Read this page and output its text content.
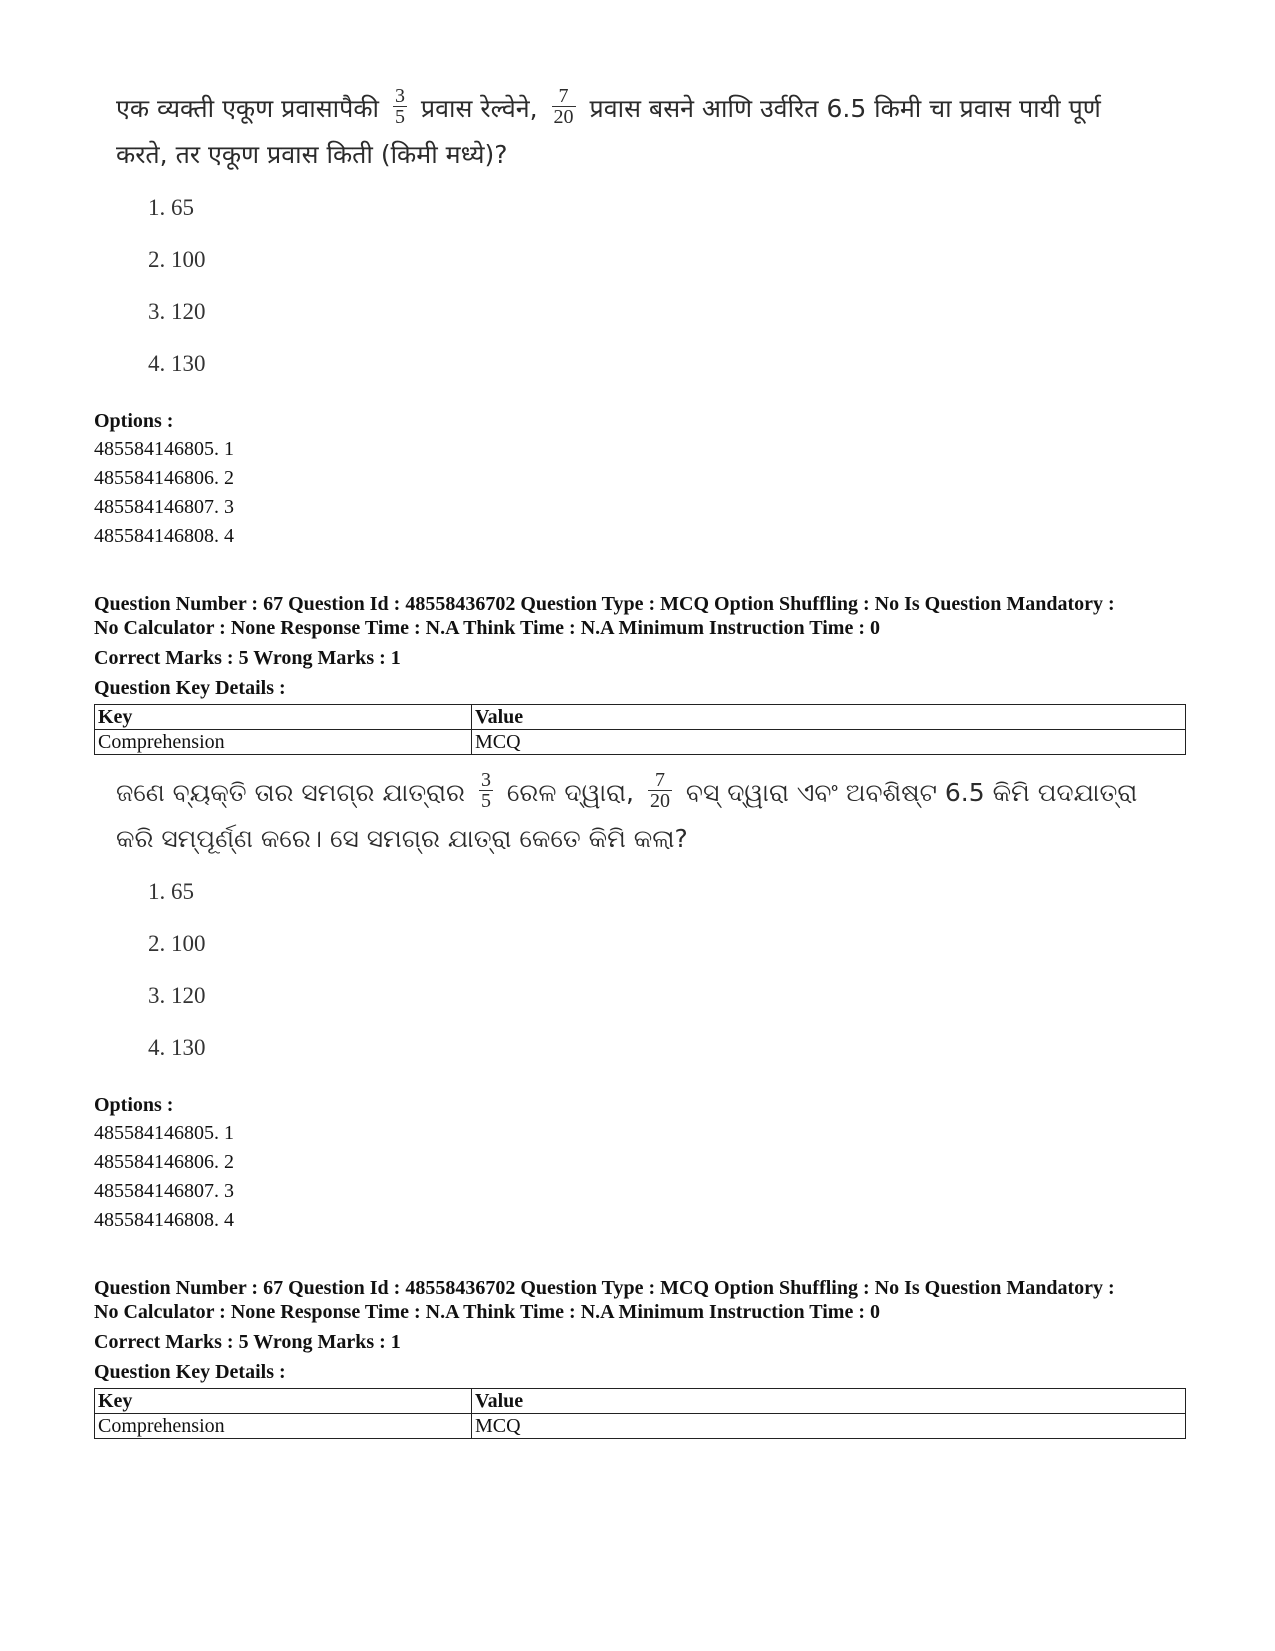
एक व्यक्ती एकूण प्रवासापैकी $\frac{3}{5}$ प्रवास रेल्वेने, $\frac{7}{20}$ प्रवास बसने आणि उर्वरित 6.5 किमी चा प्रवास पायी पूर्ण करते, तर एकूण प्रवास किती (किमी मध्ये)?
1. 65
2. 100
3. 120
4. 130
Options :
485584146805. 1
485584146806. 2
485584146807. 3
485584146808. 4
Question Number : 67 Question Id : 48558436702 Question Type : MCQ Option Shuffling : No Is Question Mandatory :
No Calculator : None Response Time : N.A Think Time : N.A Minimum Instruction Time : 0
Correct Marks : 5 Wrong Marks : 1
Question Key Details :
Key	Value
Comprehension	MCQ
ଜଣେ ବ୍ୟକ୍ତି ତାର ସମଗ୍ର ଯାତ୍ରାର $\frac{3}{5}$ ରେଳ ଦ୍ୱାରା, $\frac{7}{20}$ ବସ୍ ଦ୍ୱାରା ଏବଂ ଅବଶିଷ୍ଟ 6.5 କିମି ପଦଯାତ୍ରା କରି ସମ୍ପୂର୍ଣ୍ଣ କରେ। ସେ ସମଗ୍ର ଯାତ୍ରା କେତେ କିମି କଲା?
1. 65
2. 100
3. 120
4. 130
Options :
485584146805. 1
485584146806. 2
485584146807. 3
485584146808. 4
Question Number : 67 Question Id : 48558436702 Question Type : MCQ Option Shuffling : No Is Question Mandatory :
No Calculator : None Response Time : N.A Think Time : N.A Minimum Instruction Time : 0
Correct Marks : 5 Wrong Marks : 1
Question Key Details :
Key	Value
Comprehension	MCQ
